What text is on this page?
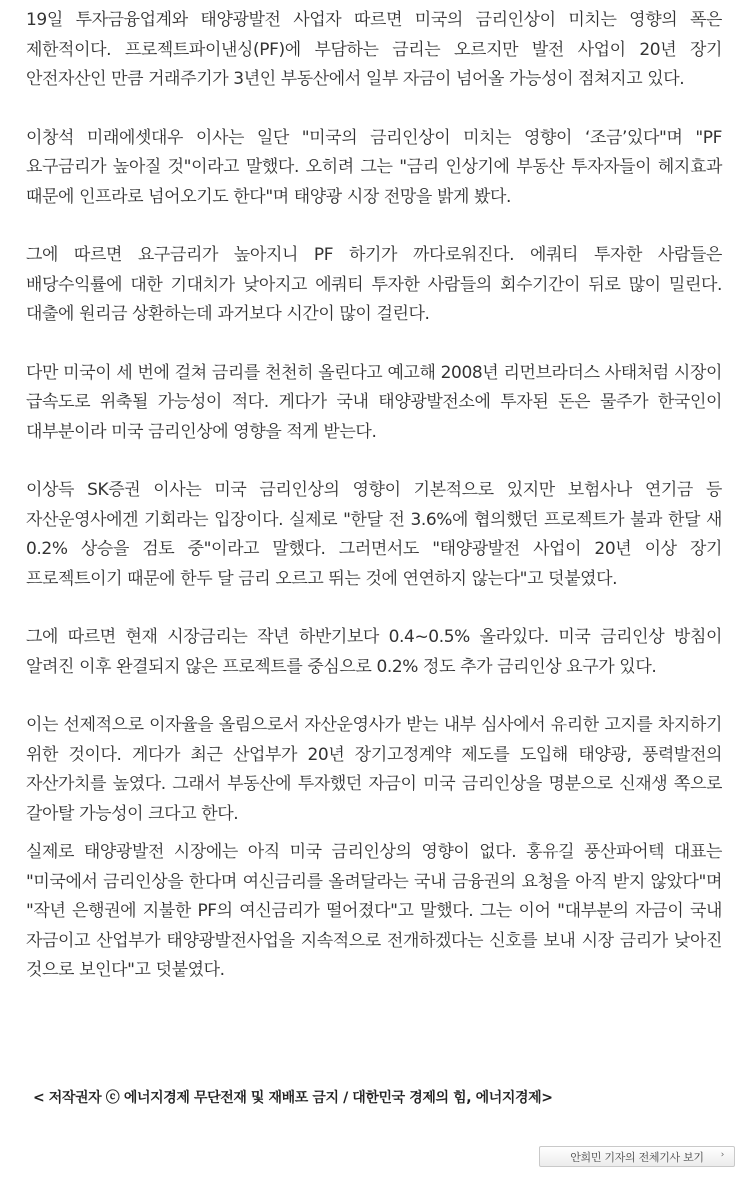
19일 투자금융업계와 태양광발전 사업자 따르면 미국의 금리인상이 미치는 영향의 폭은 제한적이다. 프로젝트파이낸싱(PF)에 부담하는 금리는 오르지만 발전 사업이 20년 장기 안전자산인 만큼 거래주기가 3년인 부동산에서 일부 자금이 넘어올 가능성이 점쳐지고 있다.

이창석 미래에셋대우 이사는 일단 "미국의 금리인상이 미치는 영향이 ‘조금’있다"며 "PF 요구금리가 높아질 것"이라고 말했다. 오히려 그는 "금리 인상기에 부동산 투자자들이 헤지효과 때문에 인프라로 넘어오기도 한다"며 태양광 시장 전망을 밝게 봤다.

그에 따르면 요구금리가 높아지니 PF 하기가 까다로워진다. 에쿼티 투자한 사람들은 배당수익률에 대한 기대치가 낮아지고 에쿼티 투자한 사람들의 회수기간이 뒤로 많이 밀린다. 대출에 원리금 상환하는데 과거보다 시간이 많이 걸린다.

다만 미국이 세 번에 걸쳐 금리를 천천히 올린다고 예고해 2008년 리먼브라더스 사태처럼 시장이 급속도로 위축될 가능성이 적다. 게다가 국내 태양광발전소에 투자된 돈은 물주가 한국인이 대부분이라 미국 금리인상에 영향을 적게 받는다.

이상득 SK증권 이사는 미국 금리인상의 영향이 기본적으로 있지만 보험사나 연기금 등 자산운영사에겐 기회라는 입장이다. 실제로 "한달 전 3.6%에 협의했던 프로젝트가 불과 한달 새 0.2% 상승을 검토 중"이라고 말했다. 그러면서도 "태양광발전 사업이 20년 이상 장기 프로젝트이기 때문에 한두 달 금리 오르고 뛰는 것에 연연하지 않는다"고 덧붙였다.

그에 따르면 현재 시장금리는 작년 하반기보다 0.4~0.5% 올라있다. 미국 금리인상 방침이 알려진 이후 완결되지 않은 프로젝트를 중심으로 0.2% 정도 추가 금리인상 요구가 있다.

이는 선제적으로 이자율을 올림으로서 자산운영사가 받는 내부 심사에서 유리한 고지를 차지하기 위한 것이다. 게다가 최근 산업부가 20년 장기고정계약 제도를 도입해 태양광, 풍력발전의 자산가치를 높였다. 그래서 부동산에 투자했던 자금이 미국 금리인상을 명분으로 신재생 쪽으로 갈아탈 가능성이 크다고 한다.

실제로 태양광발전 시장에는 아직 미국 금리인상의 영향이 없다. 홍유길 풍산파어텍 대표는 "미국에서 금리인상을 한다며 여신금리를 올려달라는 국내 금융권의 요청을 아직 받지 않았다"며 "작년 은행권에 지불한 PF의 여신금리가 떨어졌다"고 말했다. 그는 이어 "대부분의 자금이 국내 자금이고 산업부가 태양광발전사업을 지속적으로 전개하겠다는 신호를 보내 시장 금리가 낮아진 것으로 보인다"고 덧붙였다.

< 저작권자 ⓒ 에너지경제 무단전재 및 재배포 금지 / 대한민국 경제의 힘, 에너지경제>
안희민 기자의 전체기사 보기 ›
